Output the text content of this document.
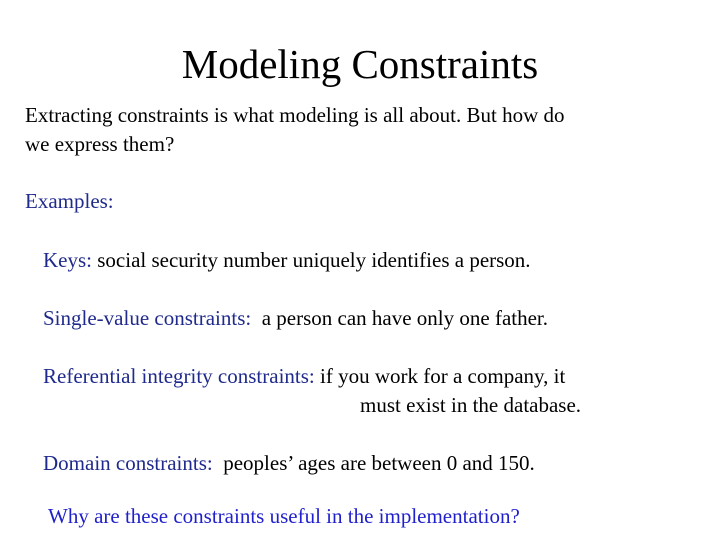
Modeling Constraints
Extracting constraints is what modeling is all about. But how do
we express them?
Examples:
Keys: social security number uniquely identifies a person.
Single-value constraints:  a person can have only one father.
Referential integrity constraints: if you work for a company, it
must exist in the database.
Domain constraints:  peoples’ ages are between 0 and 150.
Why are these constraints useful in the implementation?
